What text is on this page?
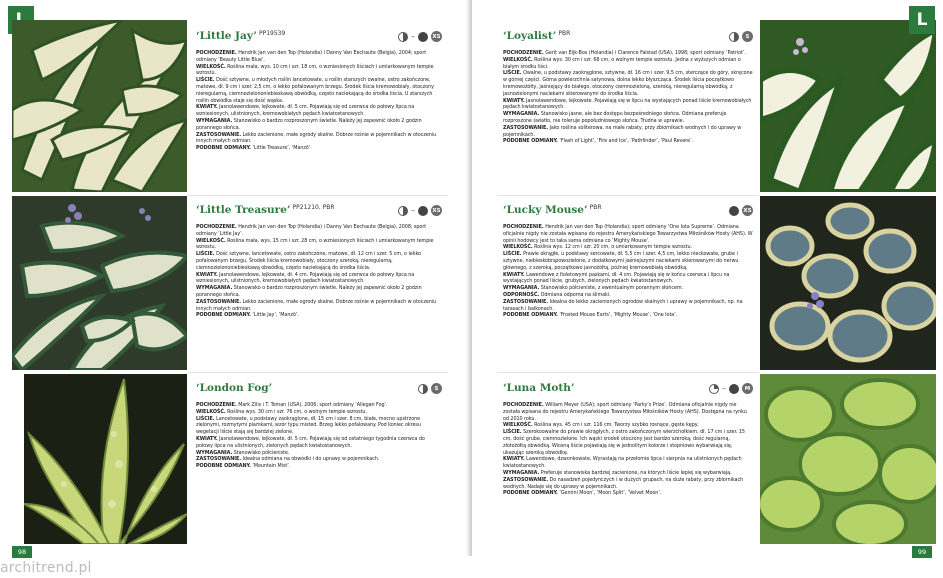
‘Little Jay’ $^{PP19539}$	–	XS

POCHODZENIE. Hendrik Jan van den Top (Holandia) i Danny Van Eechaute (Belgia), 2004; sport odmiany ‘Beauty Little Blue’.

WIELKOŚĆ. Roślina mała, wys. 10 cm i szr. 18 cm, o wzniesionych liściach i umiarkowanym tempie wzrostu.

LIŚCIE. Dość sztywne, u młodych roślin lancetowate, u roślin starszych owalne, ostro zakończone, matowe, dł. 9 cm i szer. 2,5 cm, o lekko pofalowanym brzegu. Środek liścia kremowobiały, otoczony nieregularną, ciemnozielononiebieskawą obwódką, często naciekającą do środka liścia. U starszych roślin obwódka staje się dość wąska.

KWIATY. Jasnolawendowe, lejkowate, dł. 5 cm. Pojawiają się od czerwca do połowy lipca na wzniesionych, ulistnionych, kremowobiałych pędach kwiatostanowych.

WYMAGANIA. Stanowisko o bardzo rozproszonym świetle. Należy jej zapewnić około 2 godzin porannego słońca.

ZASTOSOWANIE. Lekko zacienione, małe ogrody skalne. Dobrze rośnie w pojemnikach w otoczeniu innych małych odmian.

PODOBNE ODMIANY. ‘Little Treasure’, ‘Manzō’.

‘Little Treasure’ $^{PP21210, PBR}$	–	XS

POCHODZENIE. Hendrik Jan van den Top (Holandia) i Danny Van Eechaute (Belgia), 2008; sport odmiany ‘Little Jay’.

WIELKOŚĆ. Roślina mała, wys. 15 cm i szr. 28 cm, o wzniesionych liściach i umiarkowanym tempie wzrostu.

LIŚCIE. Dość sztywne, lancetowate, ostro zakończone, matowe, dł. 12 cm i szer. 5 cm, o lekko pofalowanym brzegu. Środek liścia kremowobiały, otoczony szeroką, nieregularną, ciemnozielononiebieskawą obwódką, często naciekającą do środka liścia.

KWIATY. Jasnolawendowe, lejkowate, dł. 4 cm. Pojawiają się od czerwca do połowy lipca na wzniesionych, ulistnionych, kremowobiałych pędach kwiatostanowych.

WYMAGANIA. Stanowisko o bardzo rozproszonym świetle. Należy jej zapewnić około 2 godzin porannego słońca.

ZASTOSOWANIE. Lekko zacienione, małe ogrody skalne. Dobrze rośnie w pojemnikach w otoczeniu innych małych odmian.

PODOBNE ODMIANY. ‘Little Jay’, ‘Manzō’.

‘London Fog’	S

POCHODZENIE. Mark Zilis i T. Toman (USA), 2006; sport odmiany ‘Allegan Fog’.

WIELKOŚĆ. Roślina wys. 30 cm i szr. 76 cm, o wolnym tempie wzrostu.

LIŚCIE. Lancetowate, u podstawy zaokrąglone, dł. 15 cm i szer. 8 cm, białe, mocno upstrzone zielonymi, rozmytymi plamkami, wzór typu misted. Brzeg lekko pofalowany. Pod koniec okresu wegetacji liście stają się bardziej zielone.

KWIATY. Jasnolawendowe, lejkowate, dł. 5 cm. Pojawiają się od ostatniego tygodnia czerwca do połowy lipca na ulistnionych, zielonych pędach kwiatostanowych.

WYMAGANIA. Stanowisko półcieniste.

ZASTOSOWANIE. Idealna odmiana na obwódki i do uprawy w pojemnikach.

PODOBNE ODMIANY. ‘Mountain Mist’.

98
‘Loyalist’ $^{PBR}$	S

POCHODZENIE. Gerit van Eijk-Bos (Holandia) i Clarence Falstad (USA), 1998; sport odmiany ‘Patriot’.

WIELKOŚĆ. Roślina wys. 30 cm i szr. 68 cm, o wolnym tempie wzrostu. Jedna z wyższych odmian o białym środku liści.

LIŚCIE. Owalne, u podstawy zaokrąglone, sztywne, dł. 16 cm i szer. 9,5 cm, sterczące do góry, skręcone w górnej części. Górna powierzchnia satynowa, dolna lekko błyszcząca. Środek liścia początkowo kremowożółty, jaśniejący do białego, otoczony ciemnozieloną, szeroką, nieregularną obwódką, z jasnozielonymi naciekami skierowanymi do środka liścia.

KWIATY. Jasnolawendowe, lejkowate. Pojawiają się w lipcu na wystających ponad liście kremowobiałych pędach kwiatostanowych.

WYMAGANIA. Stanowisko jasne, ale bez dostępu bezpośredniego słońca. Odmiana preferuje rozproszone światło, nie toleruje popołudniowego słońca. Trudna w uprawie.

ZASTOSOWANIE. Jako roślina soliterowa, na małe rabaty, przy zbiornikach wodnych i do uprawy w pojemnikach.

PODOBNE ODMIANY. ‘Flash of Light’, ‘Fire and Ice’, ‘Pathfinder’, ‘Paul Revere’.

‘Lucky Mouse’ $^{PBR}$	XS

POCHODZENIE. Hendrik Jan van den Top (Holandia); sport odmiany ‘One Iota Supreme’. Odmiana oficjalnie nigdy nie została wpisana do rejestru Amerykańskiego Towarzystwa Miłośników Hosty (AHS). W opinii hodowcy jest to taka sama odmiana co ‘Mighty Mouse’.

WIELKOŚĆ. Roślina wys. 12 cm i szr. 20 cm, o umiarkowanym tempie wzrostu.

LIŚCIE. Prawie okrągłe, u podstawy sercowate, dł. 5,5 cm i szer. 4,5 cm, lekko nieckowate, grube i sztywne, niebieskobrązowozielone, z dodatkowymi jaśniejszymi naciekami skierowanymi do nerwu głównego, z szeroką, początkowo jasnożółtą, później kremowobiałą obwódką.

KWIATY. Lawendowe z fioletowymi paskami, dł. 4 cm. Pojawiają się w końcu czerwca i lipcu na wystających ponad liście, grubych, zielonych pędach kwiatostanowych.

WYMAGANIA. Stanowisko półcieniste, z ewentualnym porannym słońcem.

ODPORNOŚĆ. Odmiana odporna na ślimaki.

ZASTOSOWANIE. Idealna do lekko zacienionych ogrodów skalnych i uprawy w pojemnikach, np. na tarasach i balkonach.

PODOBNE ODMIANY. ‘Frosted Mouse Earts’, ‘Mighty Mouse’, ‘One Iota’.

‘Luna Moth’	–	M

POCHODZENIE. William Meyer (USA); sport odmiany ‘Parky’s Prize’. Odmiana oficjalnie nigdy nie została wpisana do rejestru Amerykańskiego Towarzystwa Miłośników Hosty (AHS). Dostępna na rynku od 2010 roku.

WIELKOŚĆ. Roślina wys. 45 cm i szr. 116 cm. Tworzy szybko rosnące, gęste kępy.

LIŚCIE. Szerokoowalne do prawie okrągłych, z ostro zakończonym wierzchołkiem, dł. 17 cm i szer. 15 cm, dość grube, ciemnozielone. Ich wąski środek otoczony jest bardzo szeroką, dość regularną, złotożółtą obwódką. Wiosną liście pojawiają się w jednolitym kolorze i stopniowo wybarwiają się, ukazując szeroką obwódkę.

KWIATY. Lawendowe, dzwonkowate. Wyrastają na przełomie lipca i sierpnia na ulistnionych pędach kwiatostanowych.

WYMAGANIA. Preferuje stanowiska bardziej zacienione, na których liście lepiej się wybarwiają.

ZASTOSOWANIE. Do nasadzeń pojedynczych i w dużych grupach, na duże rabaty, przy zbiornikach wodnych. Nadaje się do uprawy w pojemnikach.

PODOBNE ODMIANY. ‘Gemini Moon’, ‘Moon Split’, ‘Velvet Moon’.

99
L
architrend.pl
